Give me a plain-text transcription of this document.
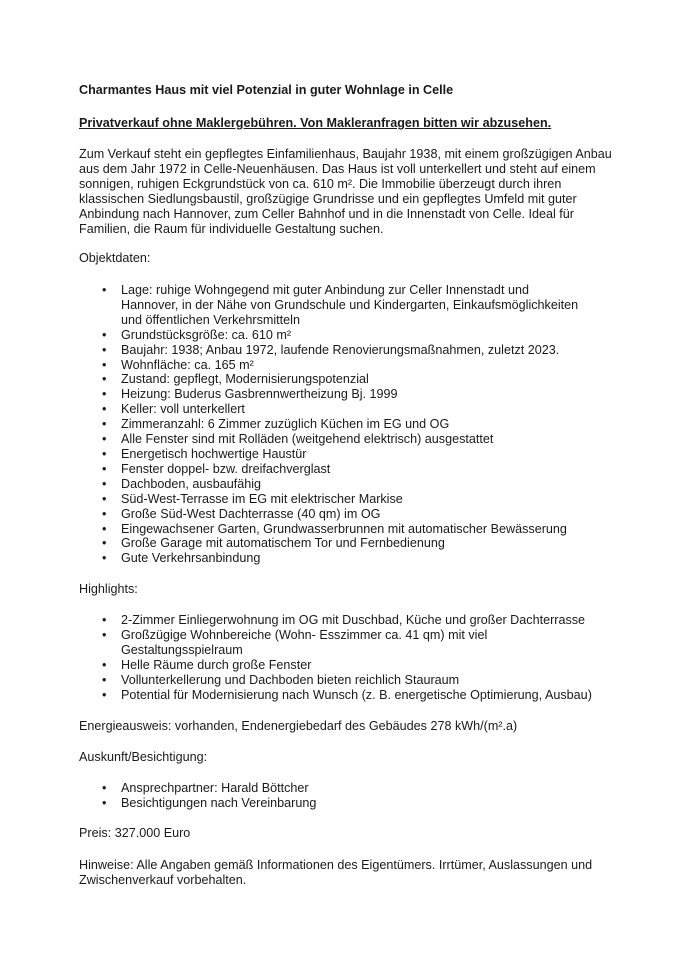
Charmantes Haus mit viel Potenzial in guter Wohnlage in Celle

Privatverkauf ohne Maklergebühren. Von Makleranfragen bitten wir abzusehen.

Zum Verkauf steht ein gepflegtes Einfamilienhaus, Baujahr 1938, mit einem großzügigen Anbau aus dem Jahr 1972 in Celle-Neuenhäusen. Das Haus ist voll unterkellert und steht auf einem sonnigen, ruhigen Eckgrundstück von ca. 610 m². Die Immobilie überzeugt durch ihren klassischen Siedlungsbaustil, großzügige Grundrisse und ein gepflegtes Umfeld mit guter Anbindung nach Hannover, zum Celler Bahnhof und in die Innenstadt von Celle. Ideal für Familien, die Raum für individuelle Gestaltung suchen.

Objektdaten:

• Lage: ruhige Wohngegend mit guter Anbindung zur Celler Innenstadt und Hannover, in der Nähe von Grundschule und Kindergarten, Einkaufsmöglichkeiten und öffentlichen Verkehrsmitteln
• Grundstücksgröße: ca. 610 m²
• Baujahr: 1938; Anbau 1972, laufende Renovierungsmaßnahmen, zuletzt 2023.
• Wohnfläche: ca. 165 m²
• Zustand: gepflegt, Modernisierungspotenzial
• Heizung: Buderus Gasbrennwertheizung Bj. 1999
• Keller: voll unterkellert
• Zimmeranzahl: 6 Zimmer zuzüglich Küchen im EG und OG
• Alle Fenster sind mit Rolläden (weitgehend elektrisch) ausgestattet
• Energetisch hochwertige Haustür
• Fenster doppel- bzw. dreifachverglast
• Dachboden, ausbaufähig
• Süd-West-Terrasse im EG mit elektrischer Markise
• Große Süd-West Dachterrasse (40 qm) im OG
• Eingewachsener Garten, Grundwasserbrunnen mit automatischer Bewässerung
• Große Garage mit automatischem Tor und Fernbedienung
• Gute Verkehrsanbindung

Highlights:

• 2-Zimmer Einliegerwohnung im OG mit Duschbad, Küche und großer Dachterrasse
• Großzügige Wohnbereiche (Wohn- Esszimmer ca. 41 qm) mit viel Gestaltungsspielraum
• Helle Räume durch große Fenster
• Vollunterkellerung und Dachboden bieten reichlich Stauraum
• Potential für Modernisierung nach Wunsch (z. B. energetische Optimierung, Ausbau)

Energieausweis: vorhanden, Endenergiebedarf des Gebäudes 278 kWh/(m².a)

Auskunft/Besichtigung:

• Ansprechpartner: Harald Böttcher
• Besichtigungen nach Vereinbarung

Preis: 327.000 Euro

Hinweise: Alle Angaben gemäß Informationen des Eigentümers. Irrtümer, Auslassungen und Zwischenverkauf vorbehalten.
